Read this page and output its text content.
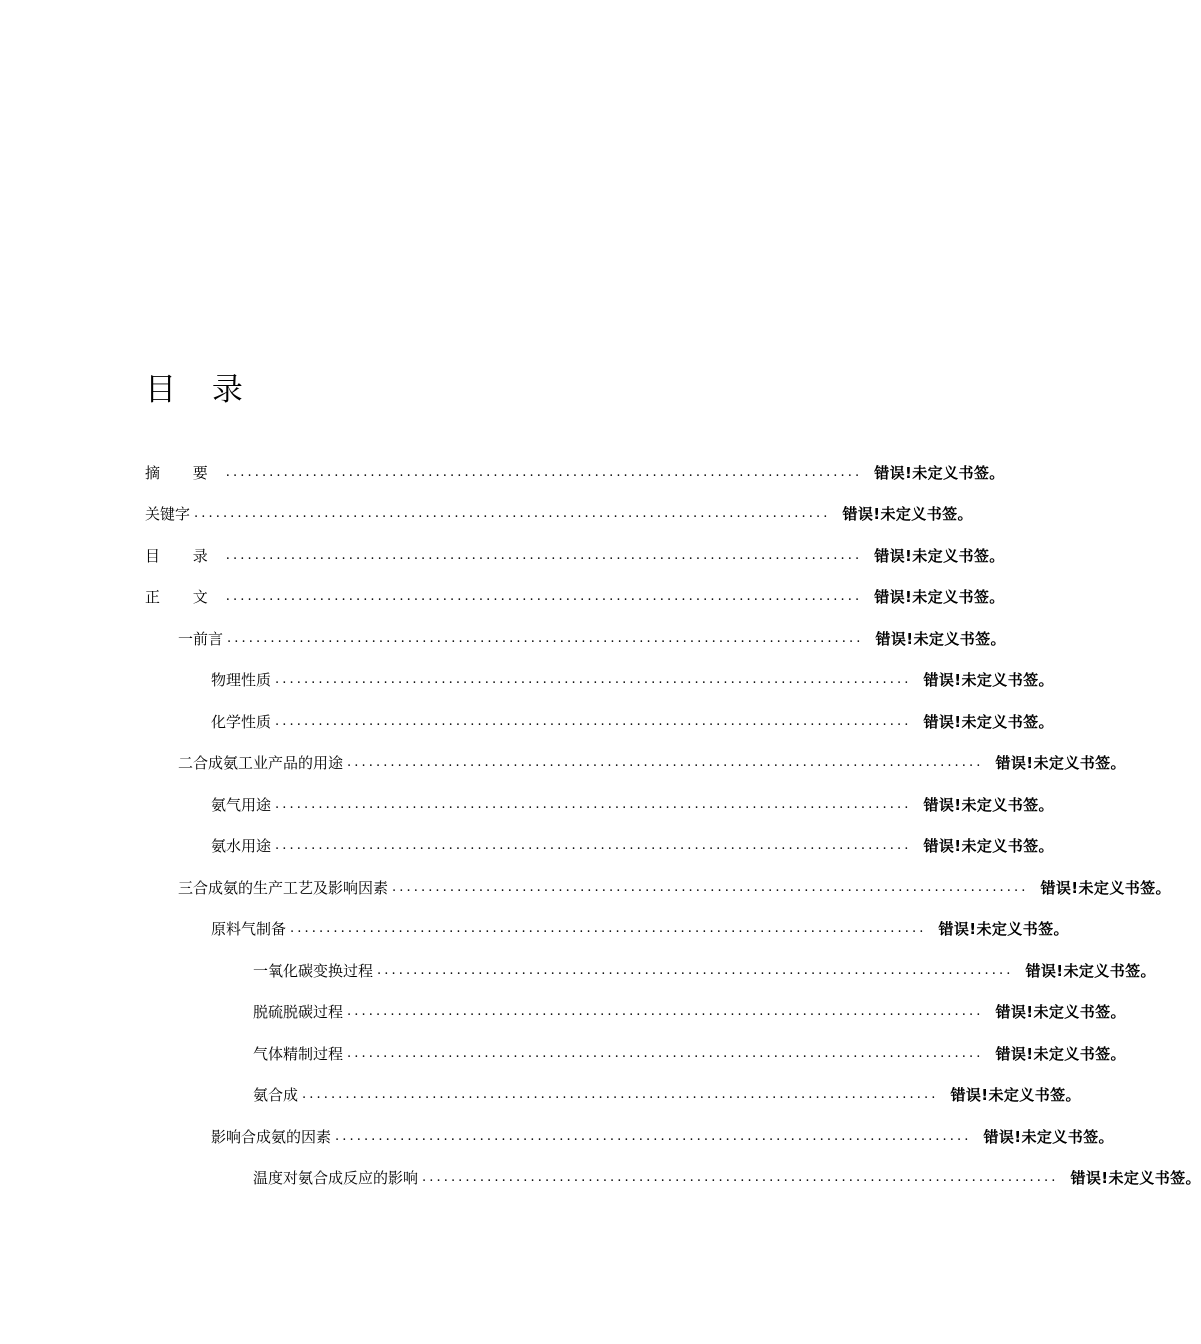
目 录
摘 要 ........................................................................................ 错误!未定义书签。
关键字 ........................................................................................ 错误!未定义书签。
目 录 ........................................................................................ 错误!未定义书签。
正 文 ........................................................................................ 错误!未定义书签。
一 前言 ........................................................................................ 错误!未定义书签。
物理性质 ........................................................................................ 错误!未定义书签。
化学性质 ........................................................................................ 错误!未定义书签。
二 合成氨工业产品的用途 ........................................................................................ 错误!未定义书签。
氨气用途 ........................................................................................ 错误!未定义书签。
氨水用途 ........................................................................................ 错误!未定义书签。
三 合成氨的生产工艺及影响因素 ........................................................................................ 错误!未定义书签。
原料气制备 ........................................................................................ 错误!未定义书签。
一氧化碳变换过程 ........................................................................................ 错误!未定义书签。
脱硫脱碳过程 ........................................................................................ 错误!未定义书签。
气体精制过程 ........................................................................................ 错误!未定义书签。
氨合成 ........................................................................................ 错误!未定义书签。
影响合成氨的因素 ........................................................................................ 错误!未定义书签。
温度对氨合成反应的影响 ........................................................................................ 错误!未定义书签。
